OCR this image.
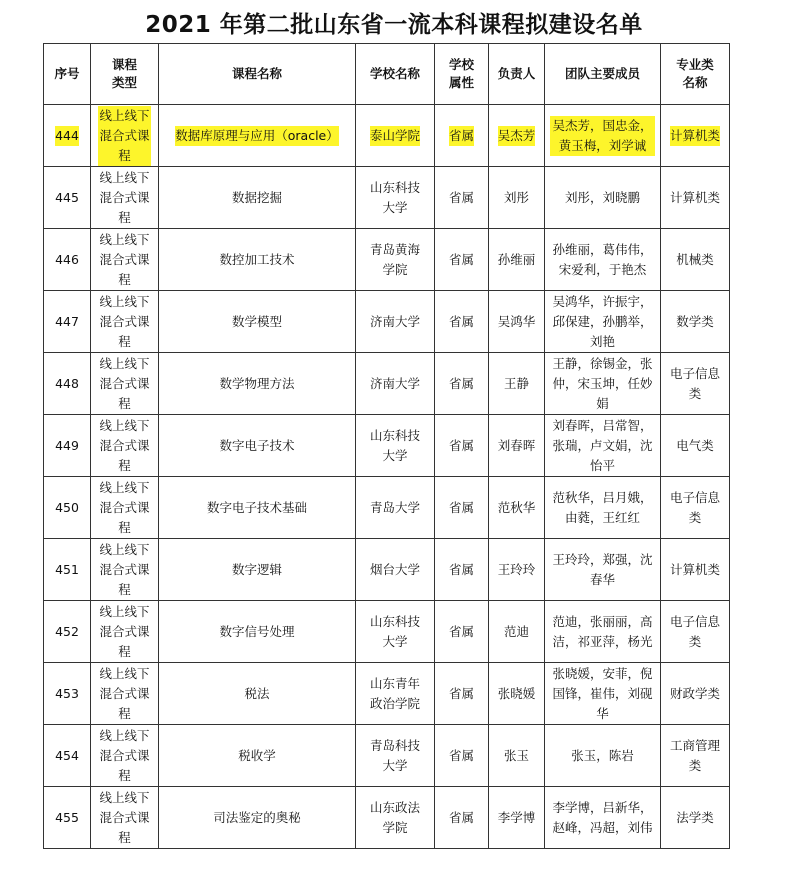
2021 年第二批山东省一流本科课程拟建设名单
序号	课程类型	课程名称	学校名称	学校属性	负责人	团队主要成员	专业类名称

444	线上线下混合式课程	数据库原理与应用（oracle）	泰山学院	省属	吴杰芳	吴杰芳，国忠金，黄玉梅，刘学诚	计算机类
445	线上线下混合式课程	数据挖掘	山东科技大学	省属	刘彤	刘彤，刘晓鹏	计算机类
446	线上线下混合式课程	数控加工技术	青岛黄海学院	省属	孙维丽	孙维丽，葛伟伟，宋爱利，于艳杰	机械类
447	线上线下混合式课程	数学模型	济南大学	省属	吴鸿华	吴鸿华，许振宇，邱保建，孙鹏举，刘艳	数学类
448	线上线下混合式课程	数学物理方法	济南大学	省属	王静	王静，徐锡金，张仲，宋玉坤，任妙娟	电子信息类
449	线上线下混合式课程	数字电子技术	山东科技大学	省属	刘春晖	刘春晖，吕常智，张瑞，卢文娟，沈怡平	电气类
450	线上线下混合式课程	数字电子技术基础	青岛大学	省属	范秋华	范秋华，吕月娥，由蕤，王红红	电子信息类
451	线上线下混合式课程	数字逻辑	烟台大学	省属	王玲玲	王玲玲，郑强，沈春华	计算机类
452	线上线下混合式课程	数字信号处理	山东科技大学	省属	范迪	范迪，张丽丽，高洁，祁亚萍，杨光	电子信息类
453	线上线下混合式课程	税法	山东青年政治学院	省属	张晓媛	张晓媛，安菲，倪国锋，崔伟，刘砚华	财政学类
454	线上线下混合式课程	税收学	青岛科技大学	省属	张玉	张玉，陈岩	工商管理类
455	线上线下混合式课程	司法鉴定的奥秘	山东政法学院	省属	李学博	李学博，吕新华，赵峰，冯超，刘伟	法学类
